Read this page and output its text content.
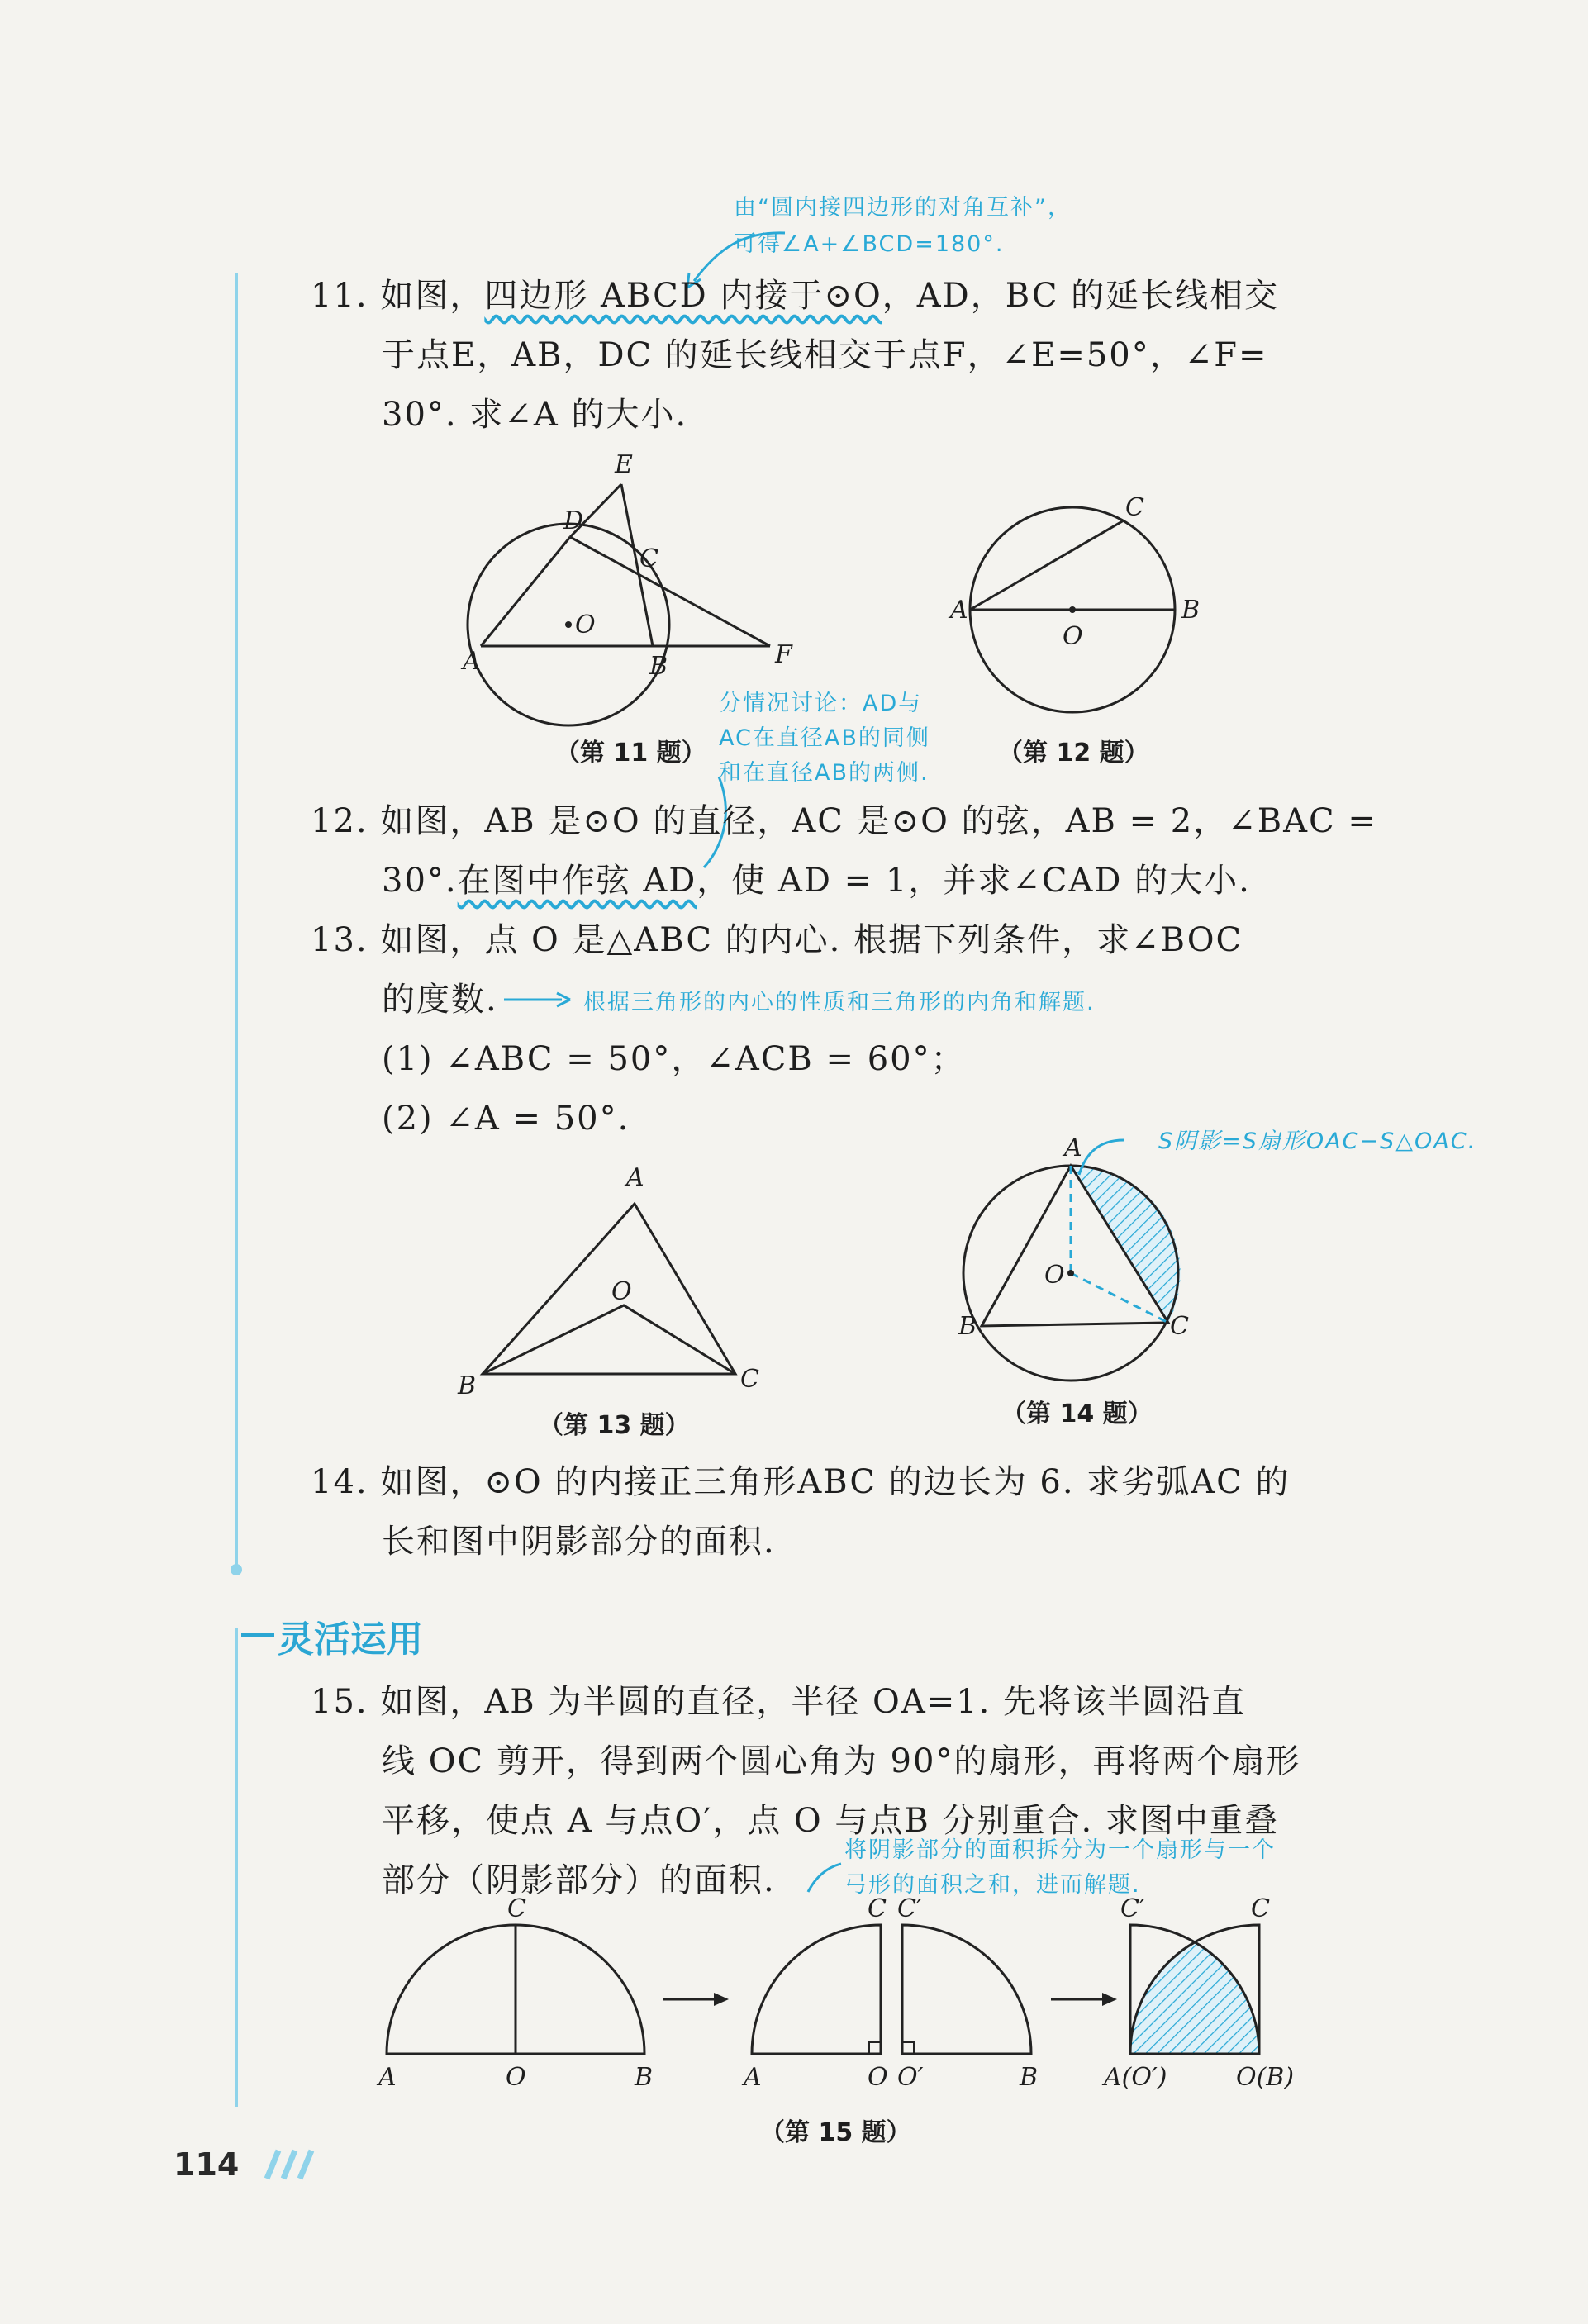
由“圆内接四边形的对角互补”，
可得∠A+∠BCD=180°.
11. 如图，四边形 ABCD 内接于⊙O，AD，BC 的延长线相交
于点E，AB，DC 的延长线相交于点F，∠E=50°，∠F=
30°. 求∠A 的大小.
E
D
C
O
A	B	F
C
A	B
O
分情况讨论：AD与
AC在直径AB的同侧
和在直径AB的两侧.
（第 11 题）	（第 12 题）
12. 如图，AB 是⊙O 的直径，AC 是⊙O 的弦，AB = 2，∠BAC =
30°.在图中作弦 AD，使 AD = 1，并求∠CAD 的大小.
13. 如图，点 O 是△ABC 的内心. 根据下列条件，求∠BOC
的度数.	根据三角形的内心的性质和三角形的内角和解题.
(1) ∠ABC = 50°，∠ACB = 60°；
(2) ∠A = 50°.
A
O
B	C
（第 13 题）
A
O
B	C
S阴影=S扇形OAC−S△OAC.
（第 14 题）
14. 如图，⊙O 的内接正三角形ABC 的边长为 6. 求劣弧AC 的
长和图中阴影部分的面积.
灵活运用
15. 如图，AB 为半圆的直径，半径 OA=1. 先将该半圆沿直
线 OC 剪开，得到两个圆心角为 90°的扇形，再将两个扇形
平移，使点 A 与点O′，点 O 与点B 分别重合. 求图中重叠
部分（阴影部分）的面积.
将阴影部分的面积拆分为一个扇形与一个
弓形的面积之和，进而解题.
C
A	O	B
C C′
A	O O′	B
C′	C
A(O′)	O(B)
（第 15 题）
114
